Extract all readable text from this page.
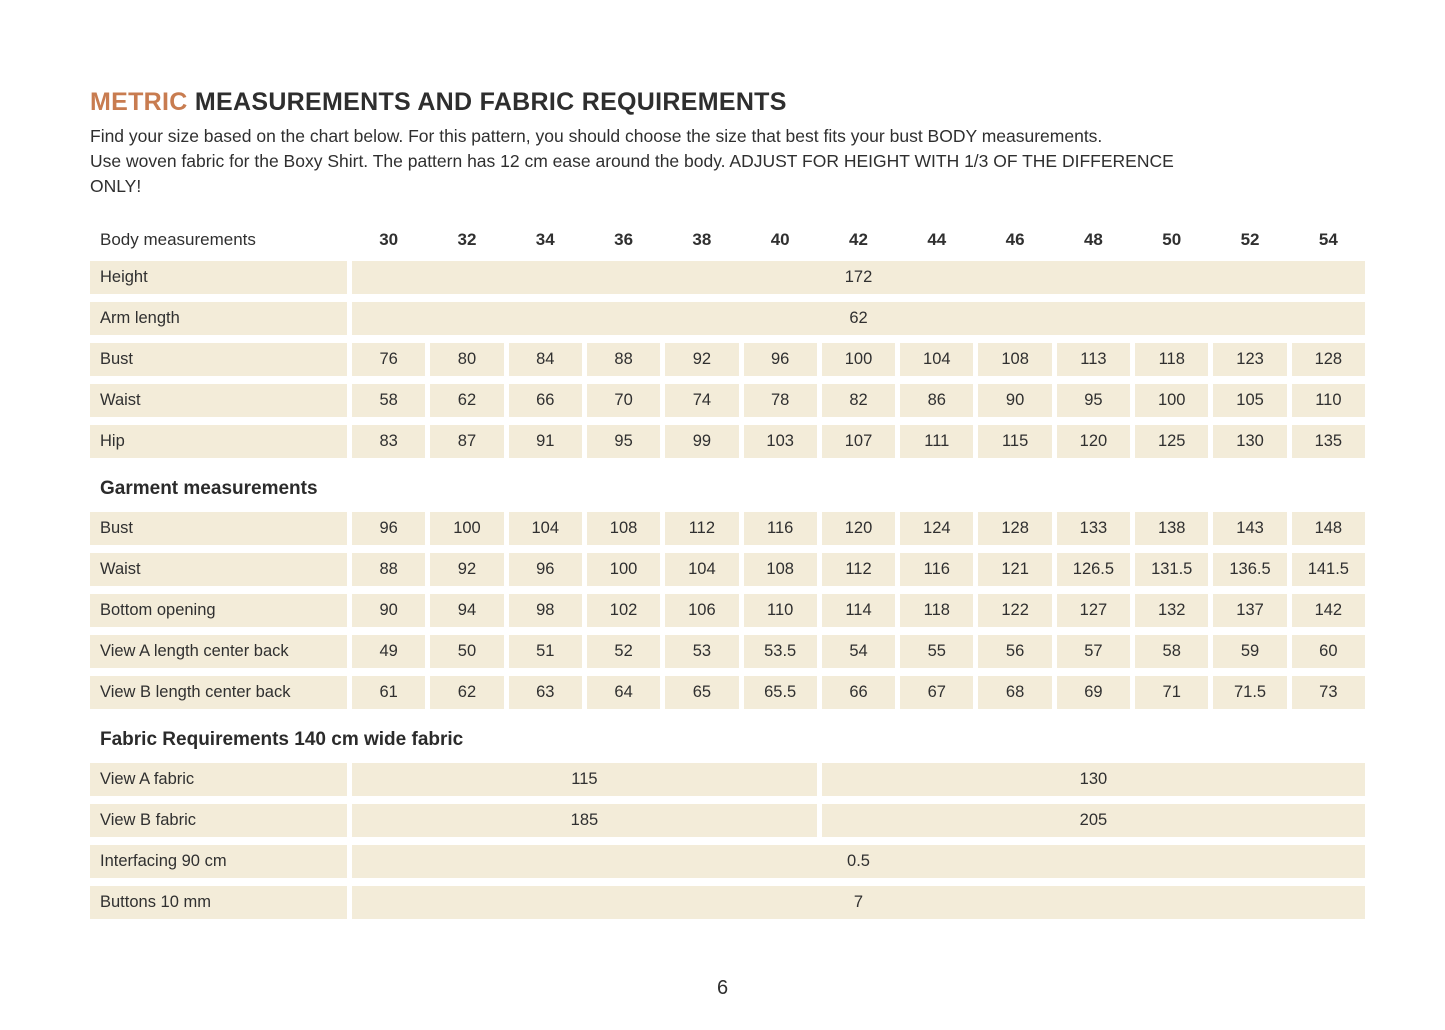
METRIC MEASUREMENTS AND FABRIC REQUIREMENTS
Find your size based on the chart below. For this pattern, you should choose the size that best fits your bust BODY measurements.
Use woven fabric for the Boxy Shirt. The pattern has 12 cm ease around the body. ADJUST FOR HEIGHT WITH 1/3 OF THE DIFFERENCE
ONLY!
Body measurements	30	32	34	36	38	40	42	44	46	48	50	52	54
Height	172
Arm length	62
Bust	76	80	84	88	92	96	100	104	108	113	118	123	128
Waist	58	62	66	70	74	78	82	86	90	95	100	105	110
Hip	83	87	91	95	99	103	107	111	115	120	125	130	135
Garment measurements
Bust	96	100	104	108	112	116	120	124	128	133	138	143	148
Waist	88	92	96	100	104	108	112	116	121	126.5	131.5	136.5	141.5
Bottom opening	90	94	98	102	106	110	114	118	122	127	132	137	142
View A length center back	49	50	51	52	53	53.5	54	55	56	57	58	59	60
View B length center back	61	62	63	64	65	65.5	66	67	68	69	71	71.5	73
Fabric Requirements 140 cm wide fabric
View A fabric	115	130
View B fabric	185	205
Interfacing 90 cm	0.5
Buttons 10 mm	7
6
